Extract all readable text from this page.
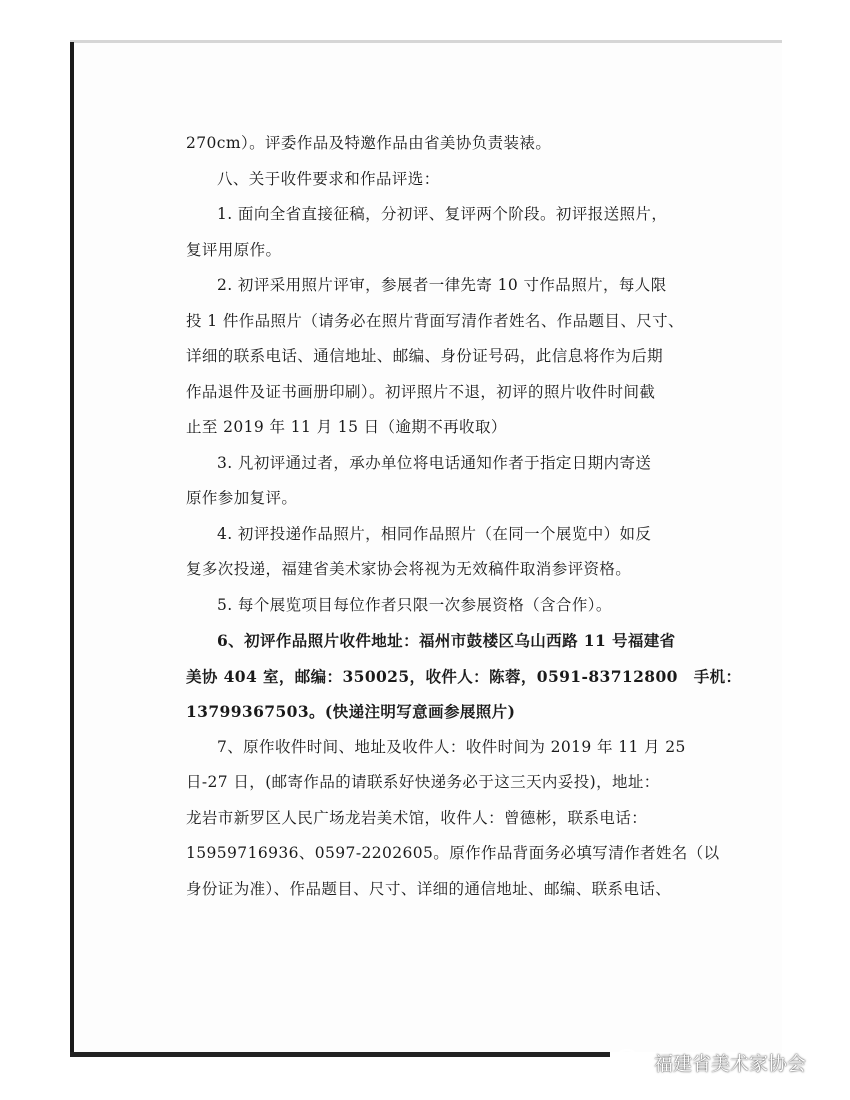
270cm）。评委作品及特邀作品由省美协负责装裱。
八、关于收件要求和作品评选：
1. 面向全省直接征稿，分初评、复评两个阶段。初评报送照片，
复评用原作。
2. 初评采用照片评审，参展者一律先寄 10 寸作品照片，每人限
投 1 件作品照片（请务必在照片背面写清作者姓名、作品题目、尺寸、
详细的联系电话、通信地址、邮编、身份证号码，此信息将作为后期
作品退件及证书画册印刷）。初评照片不退，初评的照片收件时间截
止至 2019 年 11 月 15 日（逾期不再收取）
3. 凡初评通过者，承办单位将电话通知作者于指定日期内寄送
原作参加复评。
4. 初评投递作品照片，相同作品照片（在同一个展览中）如反
复多次投递，福建省美术家协会将视为无效稿件取消参评资格。
5. 每个展览项目每位作者只限一次参展资格（含合作）。
6、初评作品照片收件地址：福州市鼓楼区乌山西路 11 号福建省
美协 404 室，邮编：350025，收件人：陈蓉，0591-83712800　手机：
13799367503。(快递注明写意画参展照片)
7、原作收件时间、地址及收件人：收件时间为 2019 年 11 月 25
日-27 日，(邮寄作品的请联系好快递务必于这三天内妥投)，地址：
龙岩市新罗区人民广场龙岩美术馆，收件人：曾德彬，联系电话：
15959716936、0597-2202605。原作作品背面务必填写清作者姓名（以
身份证为准）、作品题目、尺寸、详细的通信地址、邮编、联系电话、
福建省美术家协会
